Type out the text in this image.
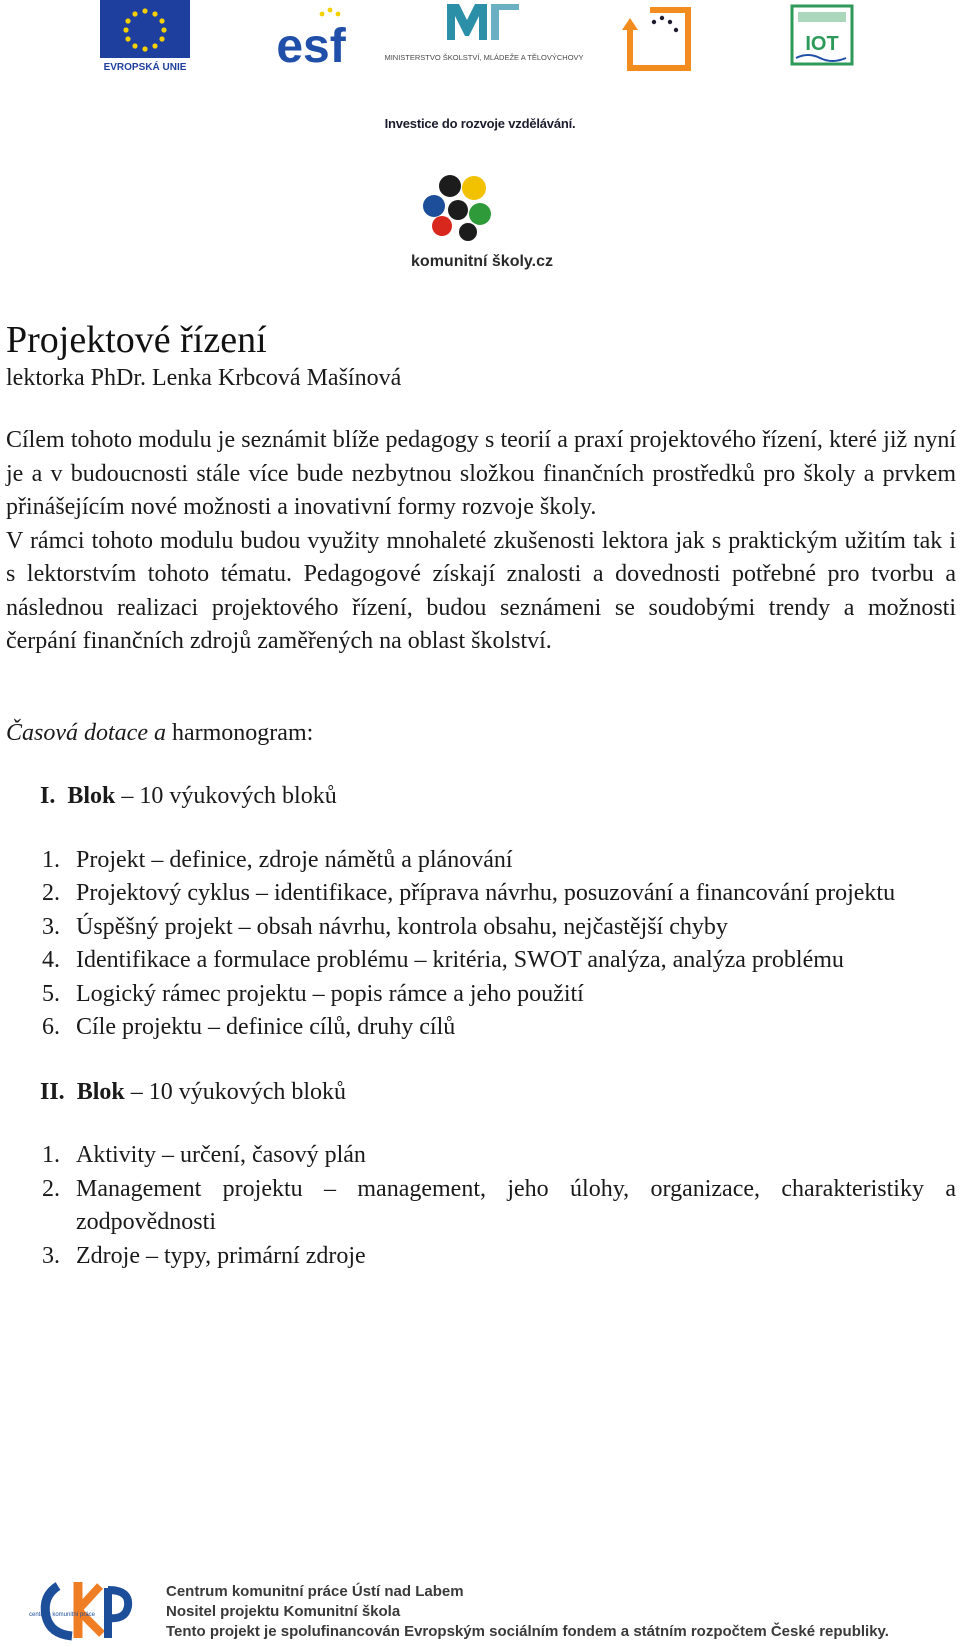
EVROPSKÁ UNIE esf	MINISTERSTVO ŠKOLSTVÍ, MLÁDEŽE A TĚLOVÝCHOVY
IOT
Investice do rozvoje vzdělávání.
komunitní školy.cz
Projektové řízení

lektorka PhDr. Lenka Krbcová Mašínová

Cílem tohoto modulu je seznámit blíže pedagogy s teorií a praxí projektového řízení, které již nyní je a v budoucnosti stále více bude nezbytnou složkou finančních prostředků pro školy a prvkem přinášejícím nové možnosti a inovativní formy rozvoje školy.

V rámci tohoto modulu budou využity mnohaleté zkušenosti lektora jak s praktickým užitím tak i s lektorstvím tohoto tématu. Pedagogové získají znalosti a dovednosti potřebné pro tvorbu a následnou realizaci projektového řízení, budou seznámeni se soudobými trendy a možnosti čerpání finančních zdrojů zaměřených na oblast školství.

Časová dotace a harmonogram:

I. Blok – 10 výukových bloků

1. Projekt – definice, zdroje námětů a plánování
2. Projektový cyklus – identifikace, příprava návrhu, posuzování a financování projektu
3. Úspěšný projekt – obsah návrhu, kontrola obsahu, nejčastější chyby
4. Identifikace a formulace problému – kritéria, SWOT analýza, analýza problému
5. Logický rámec projektu – popis rámce a jeho použití
6. Cíle projektu – definice cílů, druhy cílů

II. Blok – 10 výukových bloků

1. Aktivity – určení, časový plán
2. Management projektu – management, jeho úlohy, organizace, charakteristiky a zodpovědnosti
3. Zdroje – typy, primární zdroje
centrum komunitní práce
Centrum komunitní práce Ústí nad Labem
Nositel projektu Komunitní škola
Tento projekt je spolufinancován Evropským sociálním fondem a státním rozpočtem České republiky.
